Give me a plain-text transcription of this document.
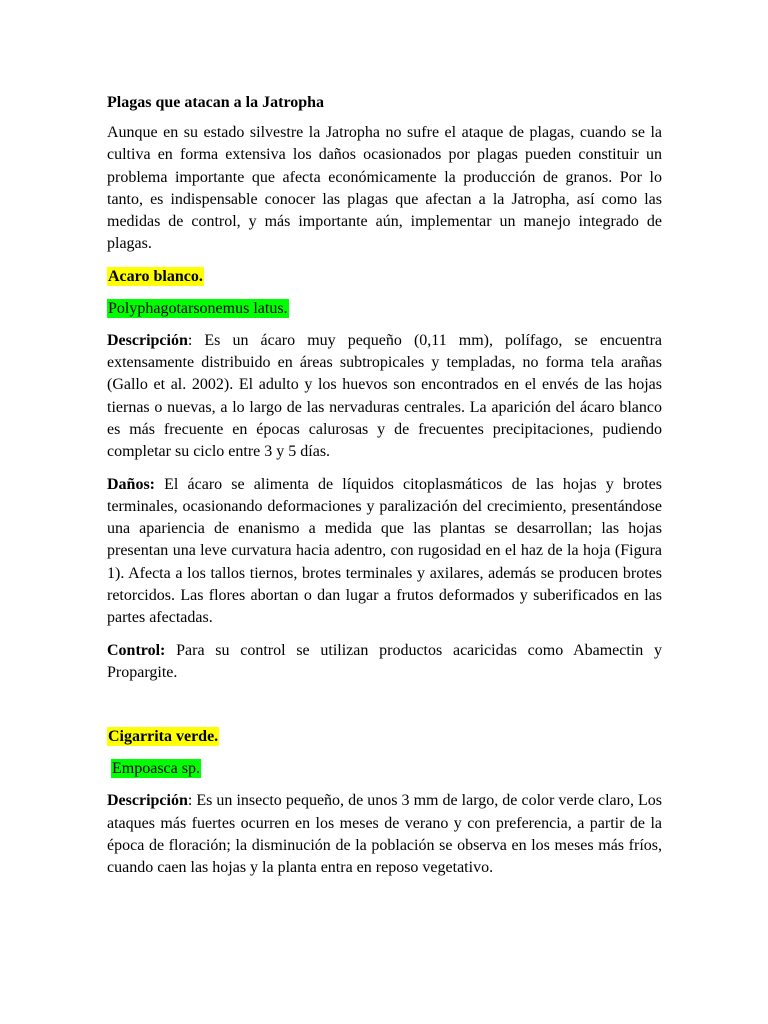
Plagas que atacan a la Jatropha

Aunque en su estado silvestre la Jatropha no sufre el ataque de plagas, cuando se la cultiva en forma extensiva los daños ocasionados por plagas pueden constituir un problema importante que afecta económicamente la producción de granos. Por lo tanto, es indispensable conocer las plagas que afectan a la Jatropha, así como las medidas de control, y más importante aún, implementar un manejo integrado de plagas.

Acaro blanco.

Polyphagotarsonemus latus.

Descripción: Es un ácaro muy pequeño (0,11 mm), polífago, se encuentra extensamente distribuido en áreas subtropicales y templadas, no forma tela arañas (Gallo et al. 2002). El adulto y los huevos son encontrados en el envés de las hojas tiernas o nuevas, a lo largo de las nervaduras centrales. La aparición del ácaro blanco es más frecuente en épocas calurosas y de frecuentes precipitaciones, pudiendo completar su ciclo entre 3 y 5 días.

Daños: El ácaro se alimenta de líquidos citoplasmáticos de las hojas y brotes terminales, ocasionando deformaciones y paralización del crecimiento, presentándose una apariencia de enanismo a medida que las plantas se desarrollan; las hojas presentan una leve curvatura hacia adentro, con rugosidad en el haz de la hoja (Figura 1). Afecta a los tallos tiernos, brotes terminales y axilares, además se producen brotes retorcidos. Las flores abortan o dan lugar a frutos deformados y suberificados en las partes afectadas.

Control: Para su control se utilizan productos acaricidas como Abamectin y Propargite.

Cigarrita verde.

Empoasca sp.

Descripción: Es un insecto pequeño, de unos 3 mm de largo, de color verde claro, Los ataques más fuertes ocurren en los meses de verano y con preferencia, a partir de la época de floración; la disminución de la población se observa en los meses más fríos, cuando caen las hojas y la planta entra en reposo vegetativo.
